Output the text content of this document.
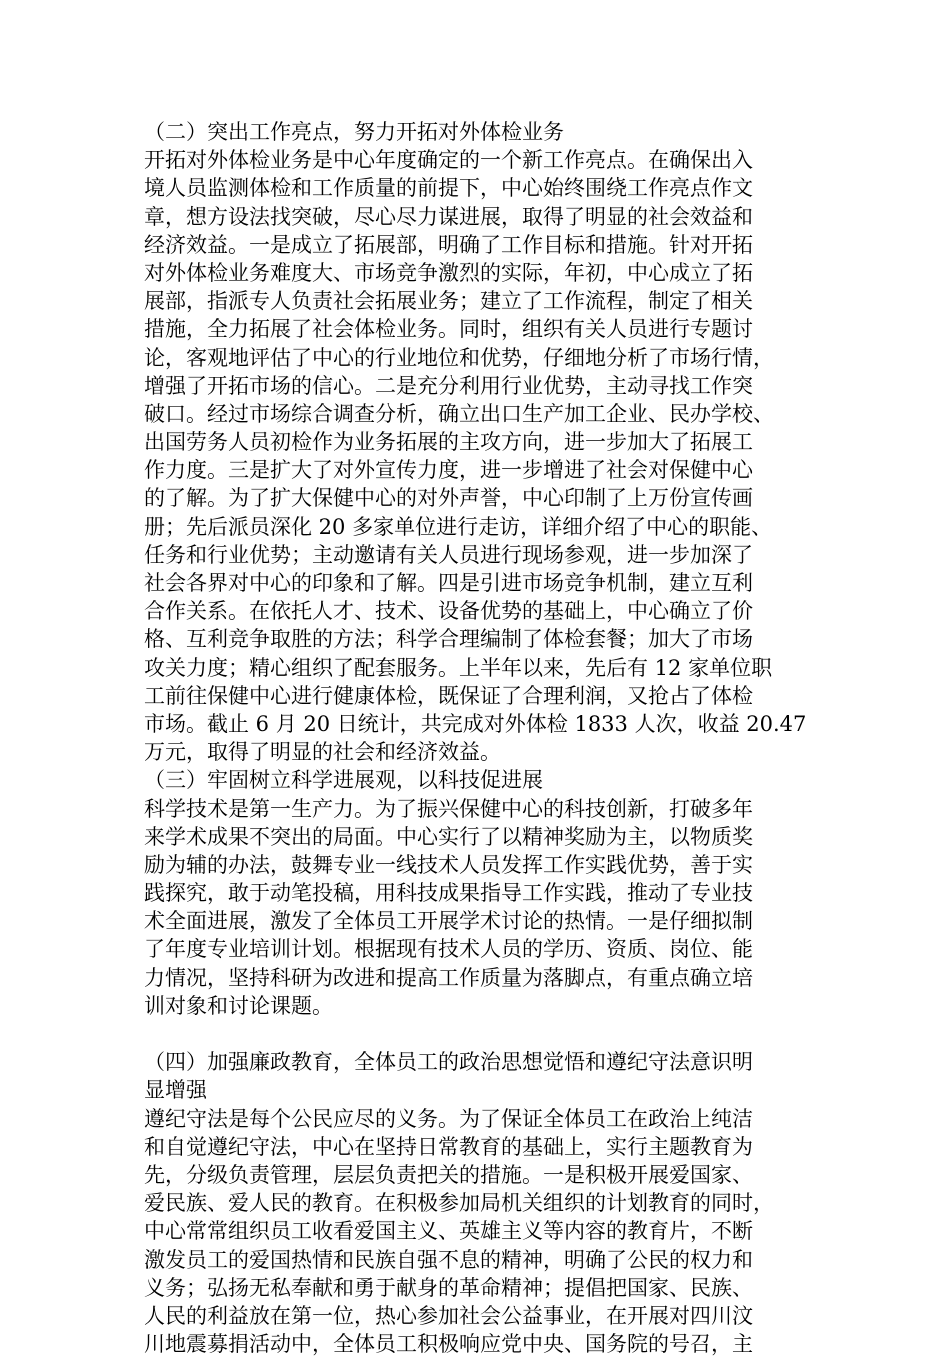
（二）突出工作亮点，努力开拓对外体检业务
开拓对外体检业务是中心年度确定的一个新工作亮点。在确保出入
境人员监测体检和工作质量的前提下，中心始终围绕工作亮点作文
章，想方设法找突破，尽心尽力谋进展，取得了明显的社会效益和
经济效益。一是成立了拓展部，明确了工作目标和措施。针对开拓
对外体检业务难度大、市场竞争激烈的实际，年初，中心成立了拓
展部，指派专人负责社会拓展业务；建立了工作流程，制定了相关
措施，全力拓展了社会体检业务。同时，组织有关人员进行专题讨
论，客观地评估了中心的行业地位和优势，仔细地分析了市场行情，
增强了开拓市场的信心。二是充分利用行业优势，主动寻找工作突
破口。经过市场综合调查分析，确立出口生产加工企业、民办学校、
出国劳务人员初检作为业务拓展的主攻方向，进一步加大了拓展工
作力度。三是扩大了对外宣传力度，进一步增进了社会对保健中心
的了解。为了扩大保健中心的对外声誉，中心印制了上万份宣传画
册；先后派员深化 20 多家单位进行走访，详细介绍了中心的职能、
任务和行业优势；主动邀请有关人员进行现场参观，进一步加深了
社会各界对中心的印象和了解。四是引进市场竞争机制，建立互利
合作关系。在依托人才、技术、设备优势的基础上，中心确立了价
格、互利竞争取胜的方法；科学合理编制了体检套餐；加大了市场
攻关力度；精心组织了配套服务。上半年以来，先后有 12 家单位职
工前往保健中心进行健康体检，既保证了合理利润，又抢占了体检
市场。截止 6 月 20 日统计，共完成对外体检 1833 人次，收益 20.47
万元，取得了明显的社会和经济效益。
（三）牢固树立科学进展观，以科技促进展
科学技术是第一生产力。为了振兴保健中心的科技创新，打破多年
来学术成果不突出的局面。中心实行了以精神奖励为主，以物质奖
励为辅的办法，鼓舞专业一线技术人员发挥工作实践优势，善于实
践探究，敢于动笔投稿，用科技成果指导工作实践，推动了专业技
术全面进展，激发了全体员工开展学术讨论的热情。一是仔细拟制
了年度专业培训计划。根据现有技术人员的学历、资质、岗位、能
力情况，坚持科研为改进和提高工作质量为落脚点，有重点确立培
训对象和讨论课题。
（四）加强廉政教育，全体员工的政治思想觉悟和遵纪守法意识明
显增强
遵纪守法是每个公民应尽的义务。为了保证全体员工在政治上纯洁
和自觉遵纪守法，中心在坚持日常教育的基础上，实行主题教育为
先，分级负责管理，层层负责把关的措施。一是积极开展爱国家、
爱民族、爱人民的教育。在积极参加局机关组织的计划教育的同时，
中心常常组织员工收看爱国主义、英雄主义等内容的教育片，不断
激发员工的爱国热情和民族自强不息的精神，明确了公民的权力和
义务；弘扬无私奉献和勇于献身的革命精神；提倡把国家、民族、
人民的利益放在第一位，热心参加社会公益事业，在开展对四川汶
川地震募捐活动中，全体员工积极响应党中央、国务院的号召，主
